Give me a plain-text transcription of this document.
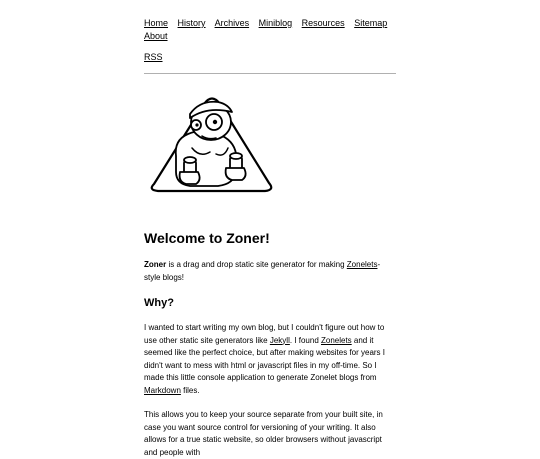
Home History Archives Miniblog Resources Sitemap
About
RSS
Welcome to Zoner!

Zoner is a drag and drop static site generator for making Zonelets-style blogs!

Why?

I wanted to start writing my own blog, but I couldn't figure out how to use other static site generators like Jekyll. I found Zonelets and it seemed like the perfect choice, but after making websites for years I didn't want to mess with html or javascript files in my off-time. So I made this little console application to generate Zonelet blogs from Markdown files.

This allows you to keep your source separate from your built site, in case you want source control for versioning of your writing. It also allows for a true static website, so older browsers without javascript and people with
